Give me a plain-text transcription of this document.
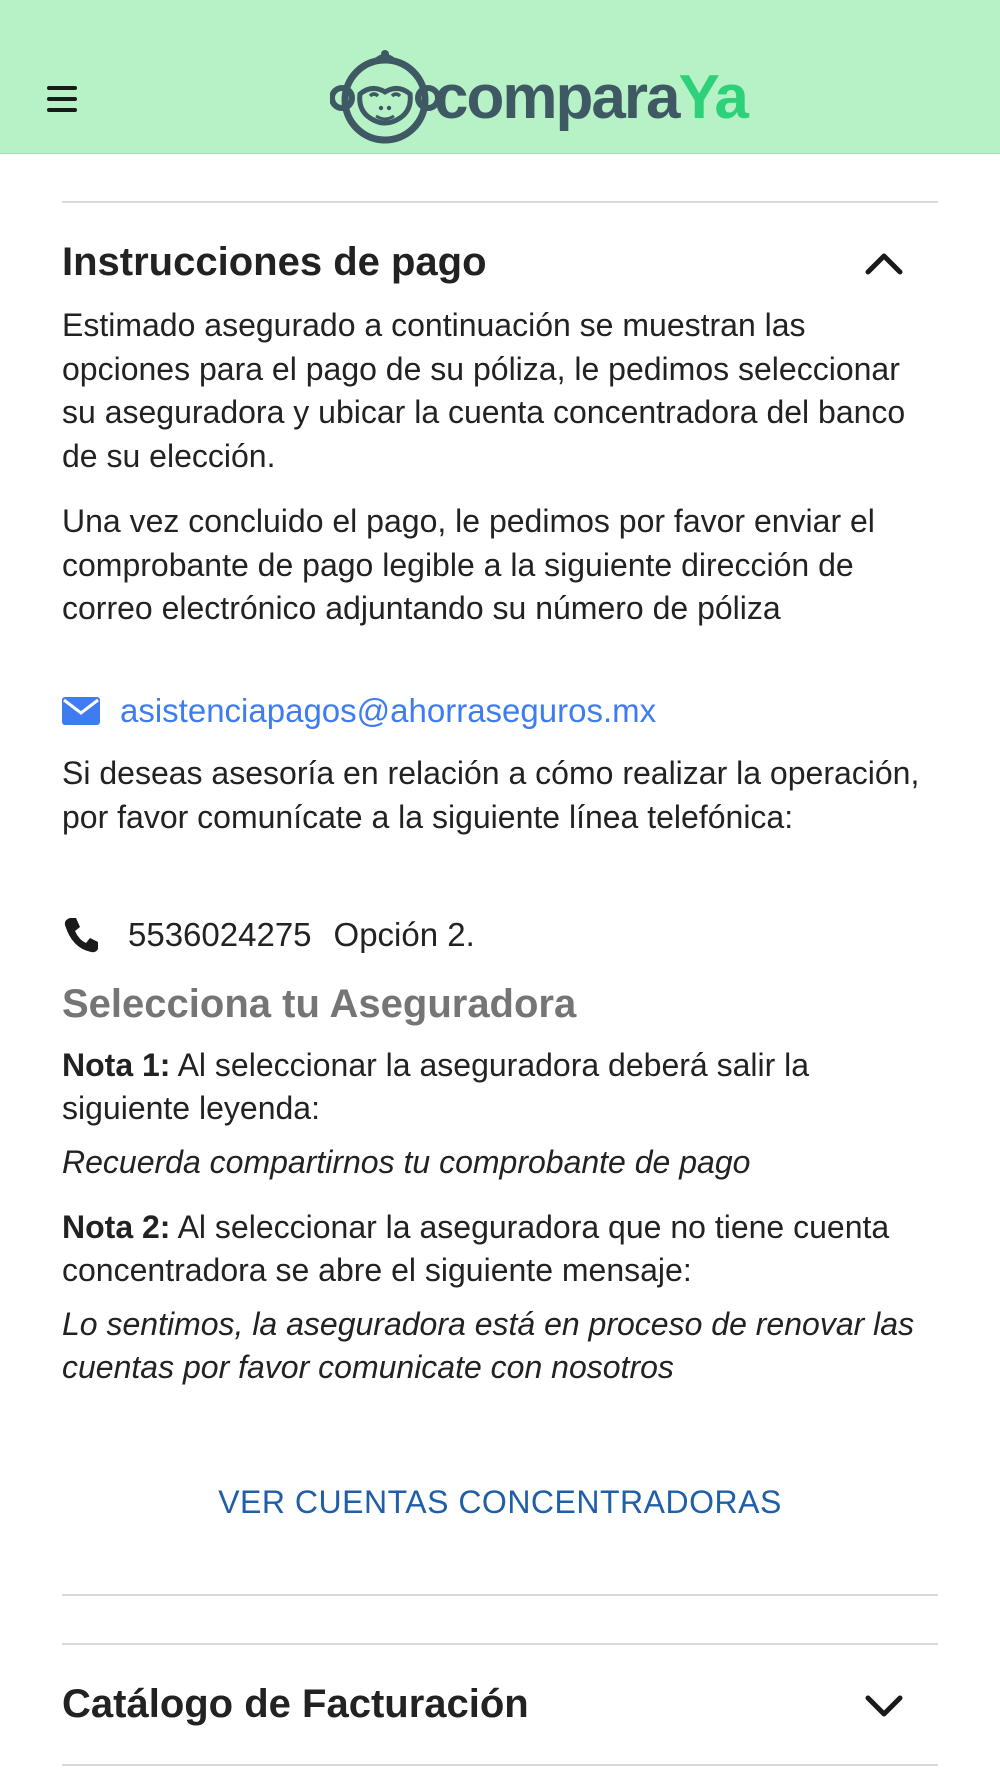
comparaYa
Instrucciones de pago

Estimado asegurado a continuación se muestran las opciones para el pago de su póliza, le pedimos seleccionar su aseguradora y ubicar la cuenta concentradora del banco de su elección.

Una vez concluido el pago, le pedimos por favor enviar el comprobante de pago legible a la siguiente dirección de correo electrónico adjuntando su número de póliza

asistenciapagos@ahorraseguros.mx

Si deseas asesoría en relación a cómo realizar la operación, por favor comunícate a la siguiente línea telefónica:

5536024275 Opción 2.
Selecciona tu Aseguradora

Nota 1: Al seleccionar la aseguradora deberá salir la siguiente leyenda:

Recuerda compartirnos tu comprobante de pago

Nota 2: Al seleccionar la aseguradora que no tiene cuenta concentradora se abre el siguiente mensaje:

Lo sentimos, la aseguradora está en proceso de renovar las cuentas por favor comunicate con nosotros

VER CUENTAS CONCENTRADORAS
Catálogo de Facturación
